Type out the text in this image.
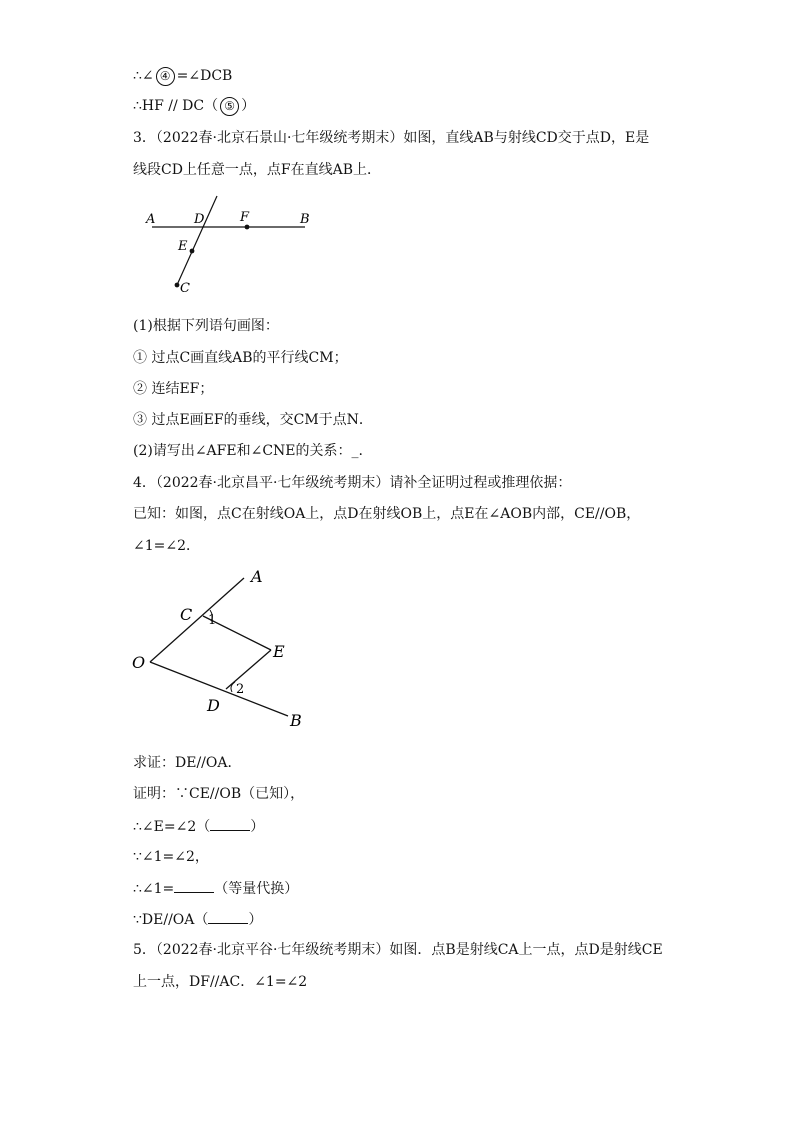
∴∠ ④ =∠DCB
∴HF // DC（ ⑤ ）
3．（2022春·北京石景山·七年级统考期末）如图，直线AB与射线CD交于点D，E是
线段CD上任意一点，点F在直线AB上．
A	D	F	B
E
C
(1)根据下列语句画图：
① 过点C画直线AB的平行线CM；
② 连结EF；
③ 过点E画EF的垂线，交CM于点N．
(2)请写出∠AFE和∠CNE的关系：_.
4．（2022春·北京昌平·七年级统考期末）请补全证明过程或推理依据：
已知：如图，点C在射线OA上，点D在射线OB上，点E在∠AOB内部，CE//OB，
∠1=∠2．
A
C 1
O
E
2
D
B
求证：DE//OA．
证明：∵CE//OB（已知），
∴∠E=∠2（	）
∵∠1=∠2，
∴∠1=	（等量代换）
∵DE//OA（	）
5．（2022春·北京平谷·七年级统考期末）如图．点B是射线CA上一点，点D是射线CE
上一点，DF//AC．∠1=∠2
